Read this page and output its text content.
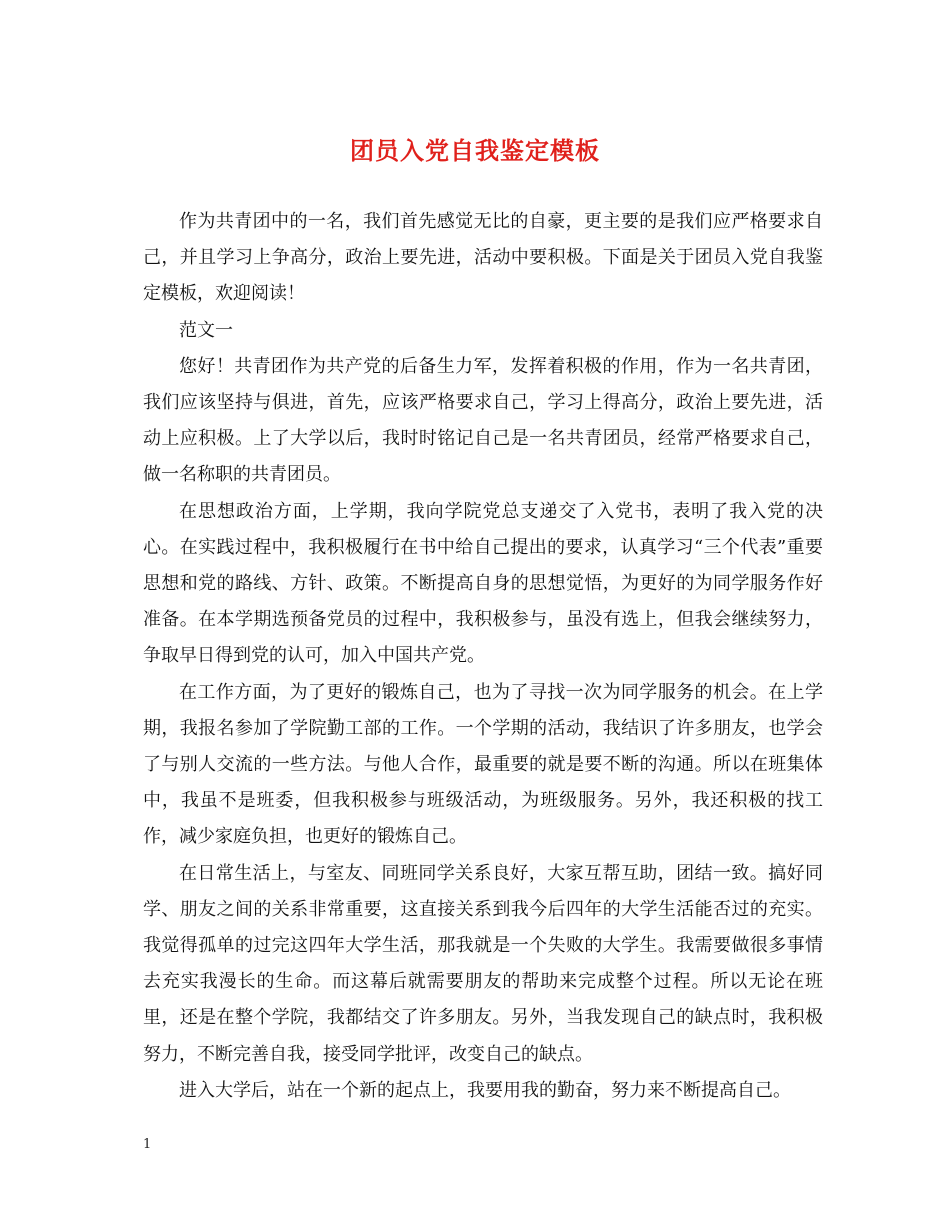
团员入党自我鉴定模板

作为共青团中的一名，我们首先感觉无比的自豪，更主要的是我们应严格要求自己，并且学习上争高分，政治上要先进，活动中要积极。下面是关于团员入党自我鉴定模板，欢迎阅读！

范文一

您好！共青团作为共产党的后备生力军，发挥着积极的作用，作为一名共青团，我们应该坚持与俱进，首先，应该严格要求自己，学习上得高分，政治上要先进，活动上应积极。上了大学以后，我时时铭记自己是一名共青团员，经常严格要求自己，做一名称职的共青团员。

在思想政治方面，上学期，我向学院党总支递交了入党书，表明了我入党的决心。在实践过程中，我积极履行在书中给自己提出的要求，认真学习“三个代表”重要思想和党的路线、方针、政策。不断提高自身的思想觉悟，为更好的为同学服务作好准备。在本学期选预备党员的过程中，我积极参与，虽没有选上，但我会继续努力，争取早日得到党的认可，加入中国共产党。

在工作方面，为了更好的锻炼自己，也为了寻找一次为同学服务的机会。在上学期，我报名参加了学院勤工部的工作。一个学期的活动，我结识了许多朋友，也学会了与别人交流的一些方法。与他人合作，最重要的就是要不断的沟通。所以在班集体中，我虽不是班委，但我积极参与班级活动，为班级服务。另外，我还积极的找工作，减少家庭负担，也更好的锻炼自己。

在日常生活上，与室友、同班同学关系良好，大家互帮互助，团结一致。搞好同学、朋友之间的关系非常重要，这直接关系到我今后四年的大学生活能否过的充实。我觉得孤单的过完这四年大学生活，那我就是一个失败的大学生。我需要做很多事情去充实我漫长的生命。而这幕后就需要朋友的帮助来完成整个过程。所以无论在班里，还是在整个学院，我都结交了许多朋友。另外，当我发现自己的缺点时，我积极努力，不断完善自我，接受同学批评，改变自己的缺点。

进入大学后，站在一个新的起点上，我要用我的勤奋，努力来不断提高自己。

1
